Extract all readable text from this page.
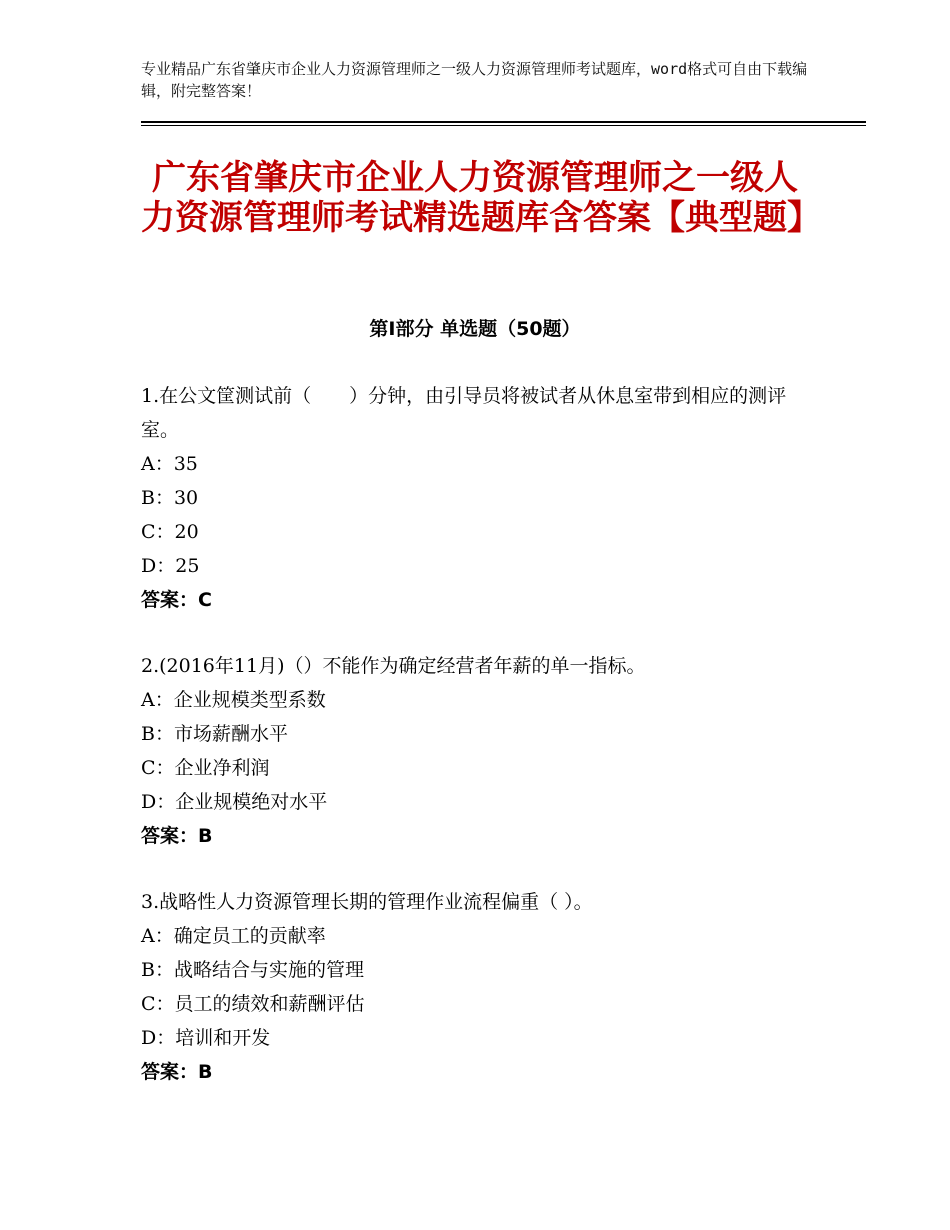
专业精品广东省肇庆市企业人力资源管理师之一级人力资源管理师考试题库，word格式可自由下载编辑，附完整答案！
广东省肇庆市企业人力资源管理师之一级人力资源管理师考试精选题库含答案【典型题】
第Ⅰ部分 单选题（50题）

1.在公文筐测试前（　　）分钟，由引导员将被试者从休息室带到相应的测评室。

A：35

B：30

C：20

D：25

答案：C

2.(2016年11月)（）不能作为确定经营者年薪的单一指标。

A：企业规模类型系数

B：市场薪酬水平

C：企业净利润

D：企业规模绝对水平

答案：B

3.战略性人力资源管理长期的管理作业流程偏重（ ）。

A：确定员工的贡献率

B：战略结合与实施的管理

C：员工的绩效和薪酬评估

D：培训和开发

答案：B
